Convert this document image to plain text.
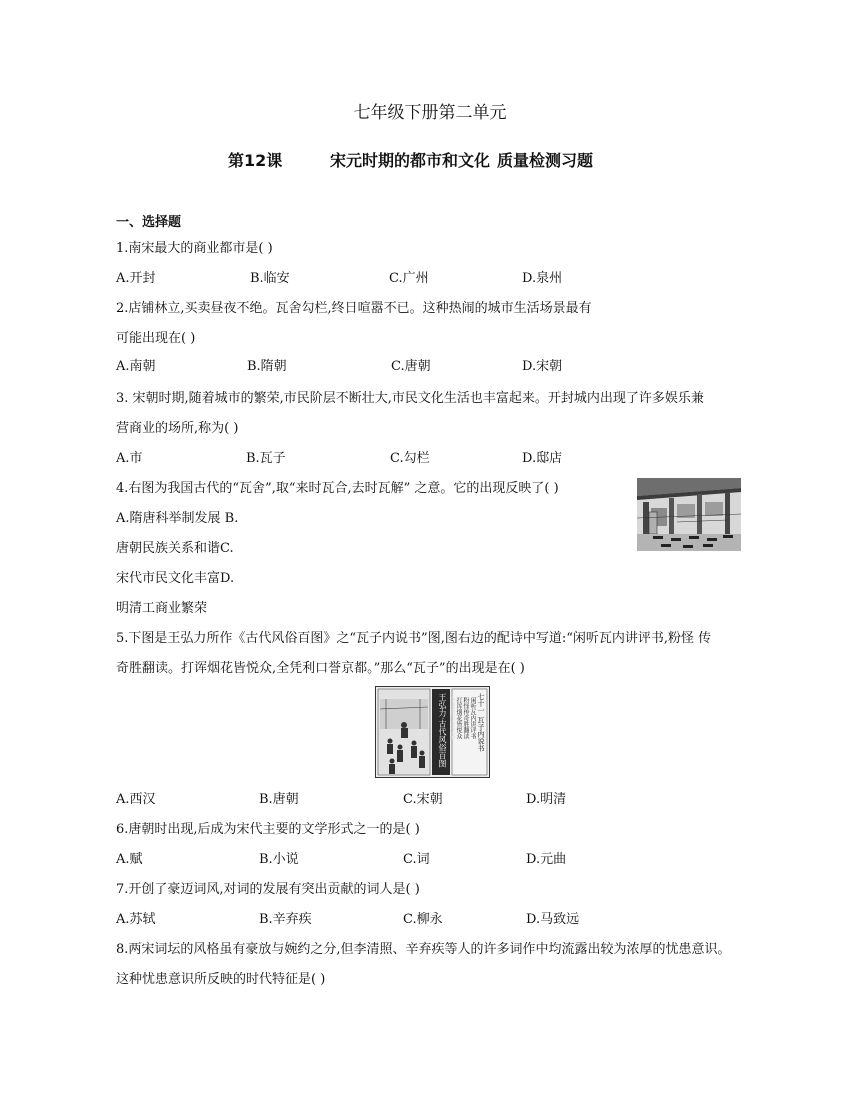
七年级下册第二单元
第12课	宋元时期的都市和文化 质量检测习题
一、选择题
1.南宋最大的商业都市是( )
A.开封	B.临安	C.广州	D.泉州
2.店铺林立,买卖昼夜不绝。瓦舍勾栏,终日喧嚣不已。这种热闹的城市生活场景最有
可能出现在( )
A.南朝	B.隋朝	C.唐朝	D.宋朝
3. 宋朝时期,随着城市的繁荣,市民阶层不断壮大,市民文化生活也丰富起来。开封城内出现了许多娱乐兼
营商业的场所,称为( )
A.市	B.瓦子	C.勾栏	D.邸店
4.右图为我国古代的“瓦舍”,取“来时瓦合,去时瓦解” 之意。它的出现反映了( )
A.隋唐科举制发展 B.
唐朝民族关系和谐C.
宋代市民文化丰富D.
明清工商业繁荣
5.下图是王弘力所作《古代风俗百图》之“瓦子内说书”图,图右边的配诗中写道:“闲听瓦内讲评书,粉怪 传
奇胜翻读。打诨烟花皆悦众,全凭利口誉京都。”那么“瓦子”的出现是在( )
王弘力·古代风俗百图	七十一 瓦子内说书
闲听瓦内讲评书
粉怪传奇胜翻读
打诨烟花皆悦众
全凭利口誉京都
A.西汉	B.唐朝	C.宋朝	D.明清
6.唐朝时出现,后成为宋代主要的文学形式之一的是( )
A.赋	B.小说	C.词	D.元曲
7.开创了豪迈词风,对词的发展有突出贡献的词人是( )
A.苏轼	B.辛弃疾	C.柳永	D.马致远
8.两宋词坛的风格虽有豪放与婉约之分,但李清照、辛弃疾等人的许多词作中均流露出较为浓厚的忧患意识。
这种忧患意识所反映的时代特征是( )
